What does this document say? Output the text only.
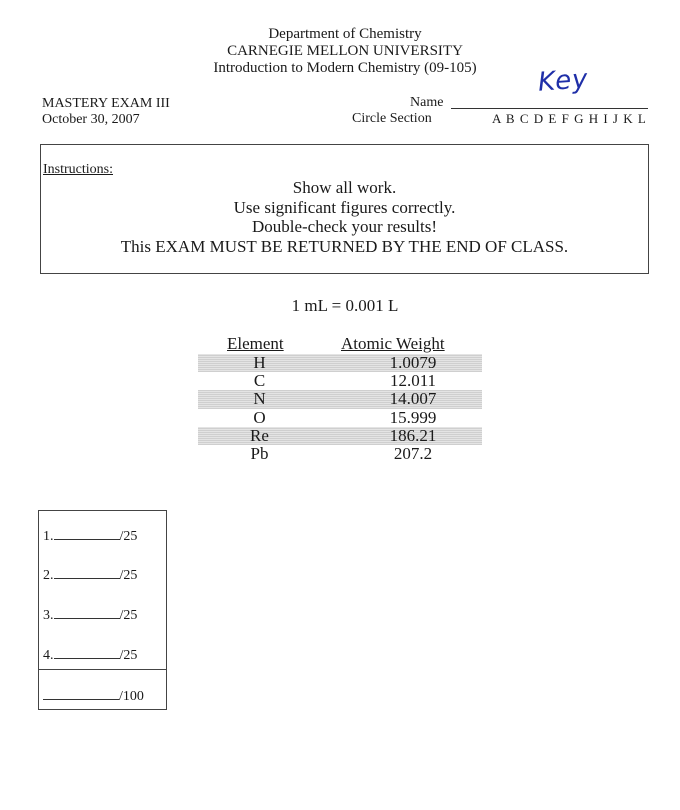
Department of Chemistry
CARNEGIE MELLON UNIVERSITY
Introduction to Modern Chemistry (09-105)
MASTERY EXAM III
October 30, 2007
Name
Key
Circle Section	A B C D E F G H I J K L
Instructions:
Show all work.
Use significant figures correctly.
Double-check your results!
This EXAM MUST BE RETURNED BY THE END OF CLASS.
1 mL = 0.001 L
Element	Atomic Weight
H	1.0079
C	12.011
N	14.007
O	15.999
Re	186.21
Pb	207.2
1.	/25
2.	/25
3.	/25
4.	/25
/100
